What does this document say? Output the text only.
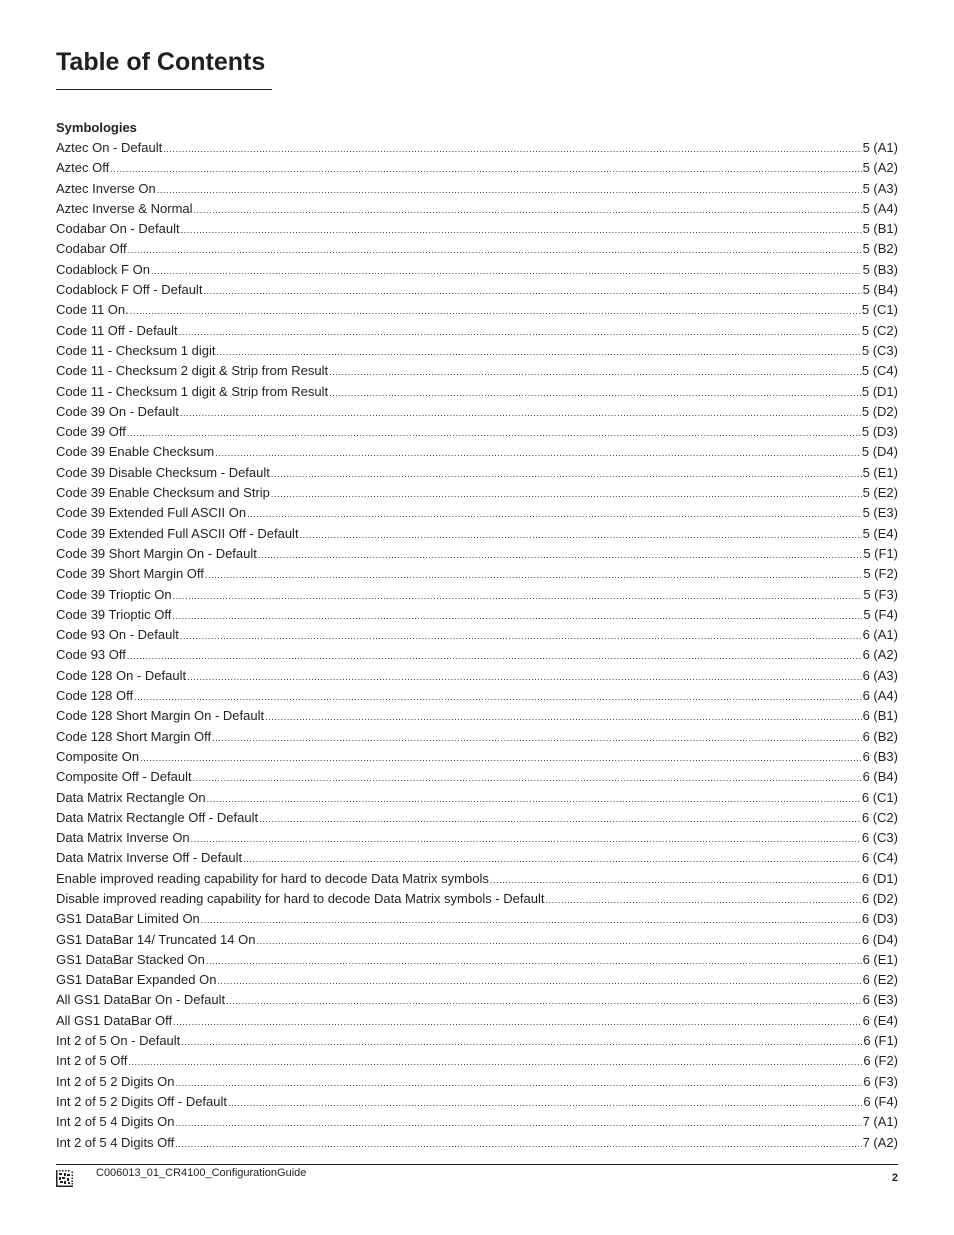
Table of Contents
Symbologies
Aztec On - Default .....	5 (A1)
Aztec Off .....	5 (A2)
Aztec Inverse On .....	5 (A3)
Aztec Inverse & Normal .....	5 (A4)
Codabar On - Default .....	5 (B1)
Codabar Off .....	5 (B2)
Codablock F On .....	5 (B3)
Codablock F Off - Default .....	5 (B4)
Code 11 On. .....	5 (C1)
Code 11 Off - Default .....	5 (C2)
Code 11 - Checksum 1 digit .....	5 (C3)
Code 11 - Checksum 2 digit & Strip from Result .....	5 (C4)
Code 11 - Checksum 1 digit & Strip from Result .....	5 (D1)
Code 39 On - Default .....	5 (D2)
Code 39 Off .....	5 (D3)
Code 39 Enable Checksum .....	5 (D4)
Code 39 Disable Checksum - Default .....	5 (E1)
Code 39 Enable Checksum and Strip .....	5 (E2)
Code 39 Extended Full ASCII On .....	5 (E3)
Code 39 Extended Full ASCII Off - Default .....	5 (E4)
Code 39 Short Margin On - Default .....	5 (F1)
Code 39 Short Margin Off .....	5 (F2)
Code 39 Trioptic On .....	5 (F3)
Code 39 Trioptic Off .....	5 (F4)
Code 93 On - Default .....	6 (A1)
Code 93 Off .....	6 (A2)
Code 128 On - Default .....	6 (A3)
Code 128 Off .....	6 (A4)
Code 128 Short Margin On - Default .....	6 (B1)
Code 128 Short Margin Off .....	6 (B2)
Composite On .....	6 (B3)
Composite Off - Default .....	6 (B4)
Data Matrix Rectangle On .....	6 (C1)
Data Matrix Rectangle Off - Default .....	6 (C2)
Data Matrix Inverse On .....	6 (C3)
Data Matrix Inverse Off - Default .....	6 (C4)
Enable improved reading capability for hard to decode Data Matrix symbols .....	6 (D1)
Disable improved reading capability for hard to decode Data Matrix symbols - Default .....	6 (D2)
GS1 DataBar Limited On .....	6 (D3)
GS1 DataBar 14/ Truncated 14 On .....	6 (D4)
GS1 DataBar Stacked On .....	6 (E1)
GS1 DataBar Expanded On .....	6 (E2)
All GS1 DataBar On - Default .....	6 (E3)
All GS1 DataBar Off .....	6 (E4)
Int 2 of 5 On - Default .....	6 (F1)
Int 2 of 5 Off .....	6 (F2)
Int 2 of 5 2 Digits On .....	6 (F3)
Int 2 of 5 2 Digits Off - Default .....	6 (F4)
Int 2 of 5 4 Digits On .....	7 (A1)
Int 2 of 5 4 Digits Off .....	7 (A2)
C006013_01_CR4100_ConfigurationGuide	2
